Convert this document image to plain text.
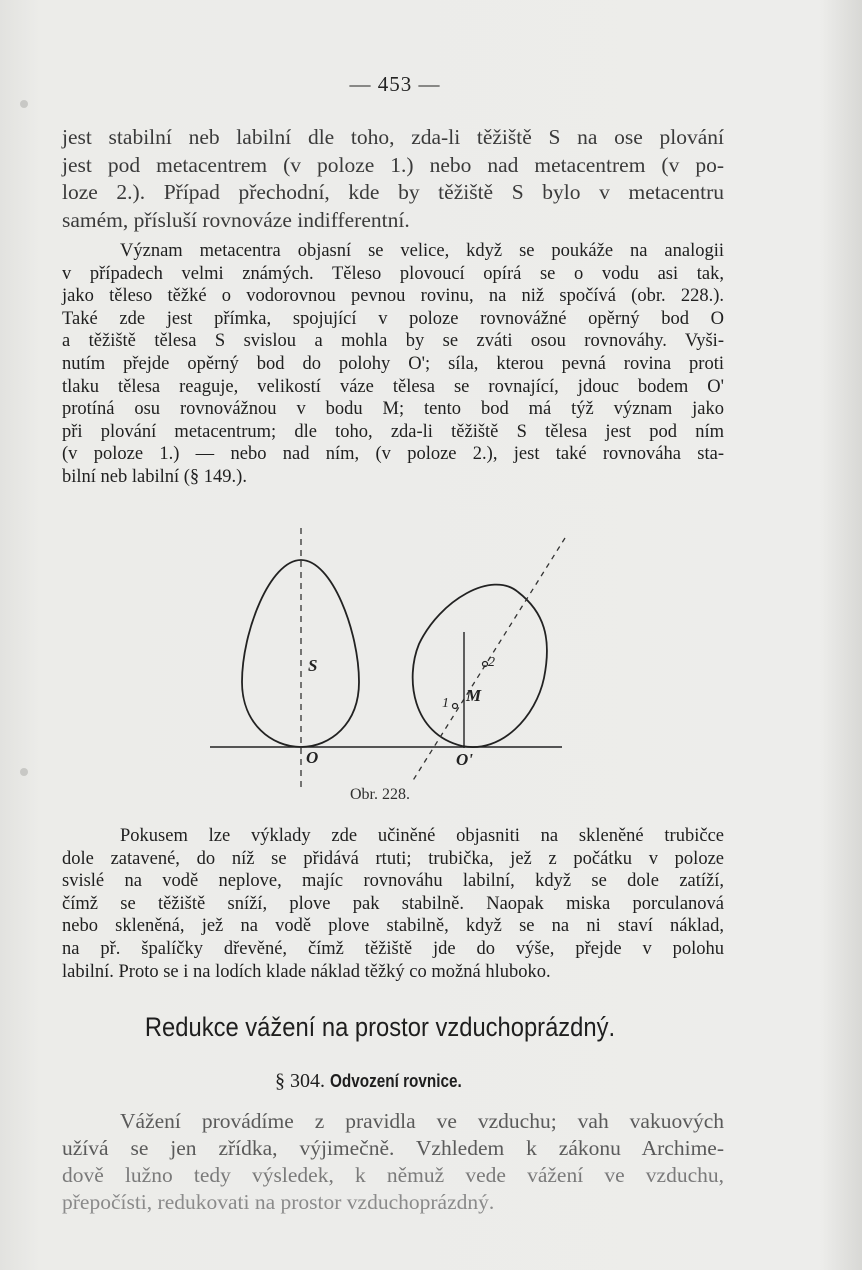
— 453 —

jest stabilní neb labilní dle toho, zda-li těžiště S na ose plování
jest pod metacentrem (v poloze 1.) nebo nad metacentrem (v po-
loze 2.). Případ přechodní, kde by těžiště S bylo v metacentru
samém, přísluší rovnováze indifferentní.

Význam metacentra objasní se velice, když se poukáže na analogii
v případech velmi známých. Těleso plovoucí opírá se o vodu asi tak,
jako těleso těžké o vodorovnou pevnou rovinu, na niž spočívá (obr. 228.).
Také zde jest přímka, spojující v poloze rovnovážné opěrný bod O
a těžiště tělesa S svislou a mohla by se zváti osou rovnováhy. Vyši-
nutím přejde opěrný bod do polohy O'; síla, kterou pevná rovina proti
tlaku tělesa reaguje, velikostí váze tělesa se rovnající, jdouc bodem O'
protíná osu rovnovážnou v bodu M; tento bod má týž význam jako
při plování metacentrum; dle toho, zda-li těžiště S tělesa jest pod ním
(v poloze 1.) — nebo nad ním, (v poloze 2.), jest také rovnováha sta-
bilní neb labilní (§ 149.).

S
O	O'
M
1
2
Obr. 228.

Pokusem lze výklady zde učiněné objasniti na skleněné trubičce
dole zatavené, do níž se přidává rtuti; trubička, jež z počátku v poloze
svislé na vodě neplove, majíc rovnováhu labilní, když se dole zatíží,
čímž se těžiště sníží, plove pak stabilně. Naopak miska porculanová
nebo skleněná, jež na vodě plove stabilně, když se na ni staví náklad,
na př. špalíčky dřevěné, čímž těžiště jde do výše, přejde v polohu
labilní. Proto se i na lodích klade náklad těžký co možná hluboko.

Redukce vážení na prostor vzduchoprázdný.
§ 304. Odvození rovnice.

Vážení provádíme z pravidla ve vzduchu; vah vakuových
užívá se jen zřídka, výjimečně. Vzhledem k zákonu Archime-
dově lužno tedy výsledek, k němuž vede vážení ve vzduchu,
přepočísti, redukovati na prostor vzduchoprázdný.
